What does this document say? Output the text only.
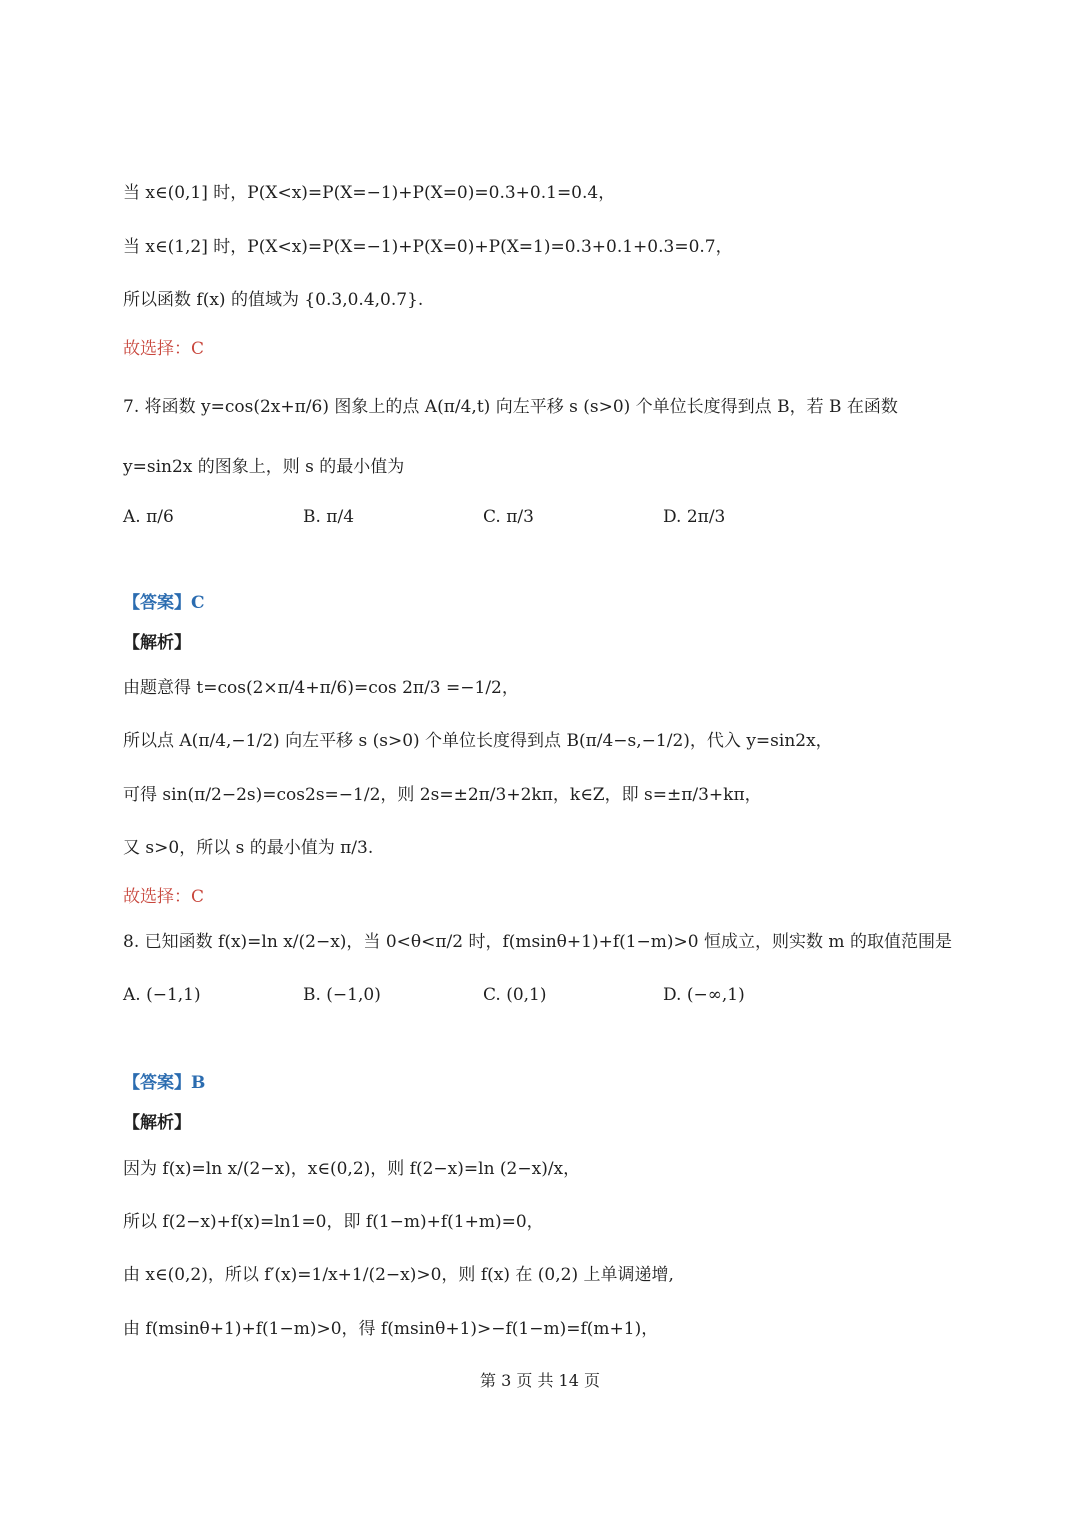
当 x∈(0,1] 时，P(X<x)=P(X=−1)+P(X=0)=0.3+0.1=0.4，
当 x∈(1,2] 时，P(X<x)=P(X=−1)+P(X=0)+P(X=1)=0.3+0.1+0.3=0.7，
所以函数 f(x) 的值域为 {0.3,0.4,0.7}.
故选择：C
7. 将函数 y=cos(2x+π/6) 图象上的点 A(π/4,t) 向左平移 s (s>0) 个单位长度得到点 B，若 B 在函数
y=sin2x 的图象上，则 s 的最小值为
A. π/6	B. π/4	C. π/3	D. 2π/3
【答案】C
【解析】
由题意得 t=cos(2×π/4+π/6)=cos 2π/3 =−1/2，
所以点 A(π/4,−1/2) 向左平移 s (s>0) 个单位长度得到点 B(π/4−s,−1/2)，代入 y=sin2x，
可得 sin(π/2−2s)=cos2s=−1/2，则 2s=±2π/3+2kπ，k∈Z，即 s=±π/3+kπ，
又 s>0，所以 s 的最小值为 π/3.
故选择：C
8. 已知函数 f(x)=ln x/(2−x)，当 0<θ<π/2 时，f(msinθ+1)+f(1−m)>0 恒成立，则实数 m 的取值范围是
A. (−1,1)	B. (−1,0)	C. (0,1)	D. (−∞,1)
【答案】B
【解析】
因为 f(x)=ln x/(2−x)，x∈(0,2)，则 f(2−x)=ln (2−x)/x，
所以 f(2−x)+f(x)=ln1=0，即 f(1−m)+f(1+m)=0，
由 x∈(0,2)，所以 f′(x)=1/x+1/(2−x)>0，则 f(x) 在 (0,2) 上单调递增,
由 f(msinθ+1)+f(1−m)>0，得 f(msinθ+1)>−f(1−m)=f(m+1)，
第 3 页 共 14 页
